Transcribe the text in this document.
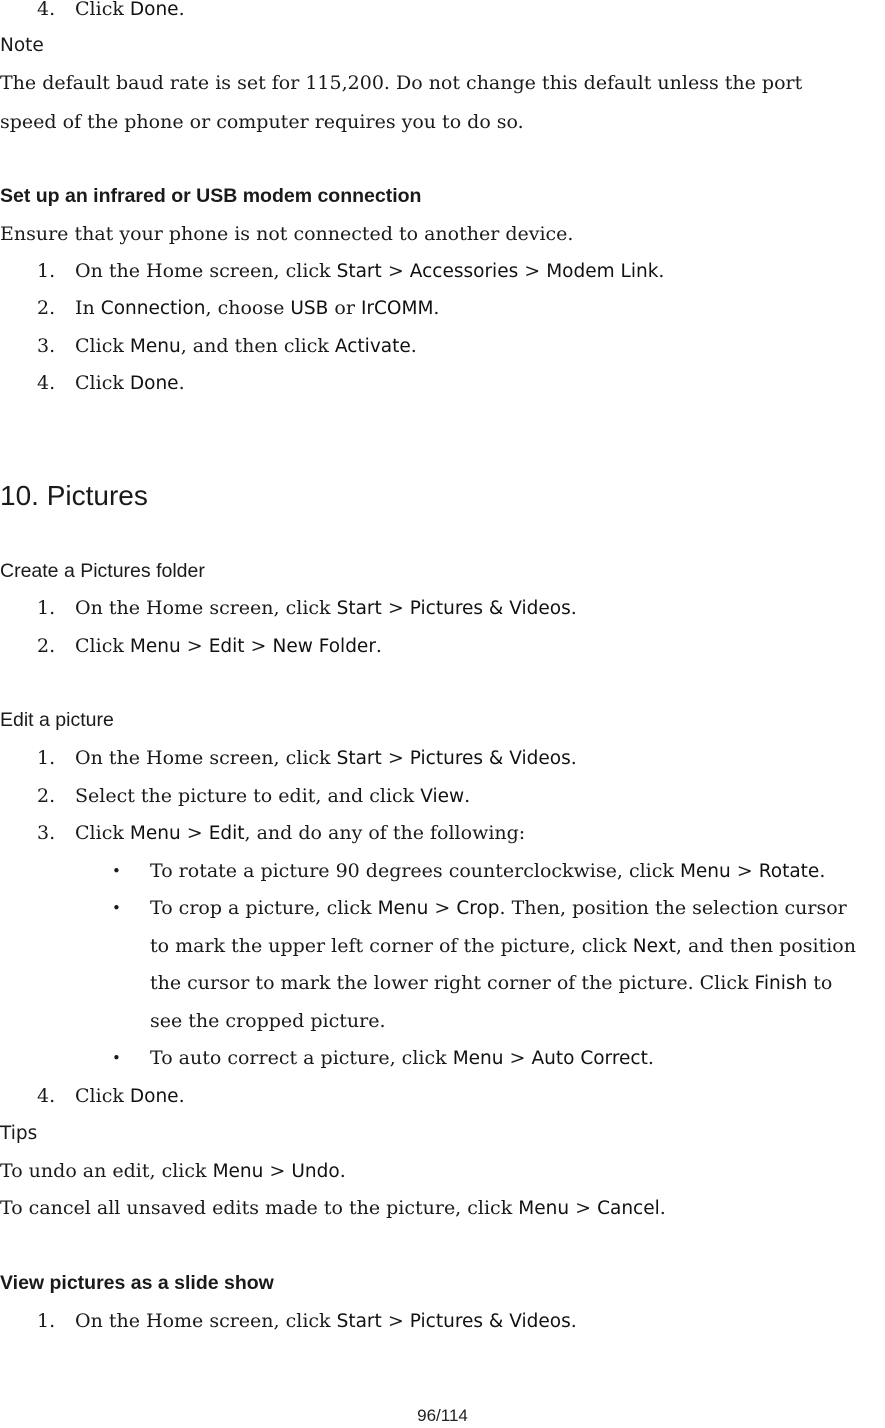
4.	Click Done.
Note
The default baud rate is set for 115,200. Do not change this default unless the port
speed of the phone or computer requires you to do so.
Set up an infrared or USB modem connection
Ensure that your phone is not connected to another device.
1.	On the Home screen, click Start > Accessories > Modem Link.
2.	In Connection, choose USB or IrCOMM.
3.	Click Menu, and then click Activate.
4.	Click Done.
10. Pictures
Create a Pictures folder
1.	On the Home screen, click Start > Pictures & Videos.
2.	Click Menu > Edit > New Folder.
Edit a picture
1.	On the Home screen, click Start > Pictures & Videos.
2.	Select the picture to edit, and click View.
3.	Click Menu > Edit, and do any of the following:
• To rotate a picture 90 degrees counterclockwise, click Menu > Rotate.
• To crop a picture, click Menu > Crop. Then, position the selection cursor
to mark the upper left corner of the picture, click Next, and then position
the cursor to mark the lower right corner of the picture. Click Finish to
see the cropped picture.
• To auto correct a picture, click Menu > Auto Correct.
4.	Click Done.
Tips
To undo an edit, click Menu > Undo.
To cancel all unsaved edits made to the picture, click Menu > Cancel.
View pictures as a slide show
1.	On the Home screen, click Start > Pictures & Videos.
96/114
